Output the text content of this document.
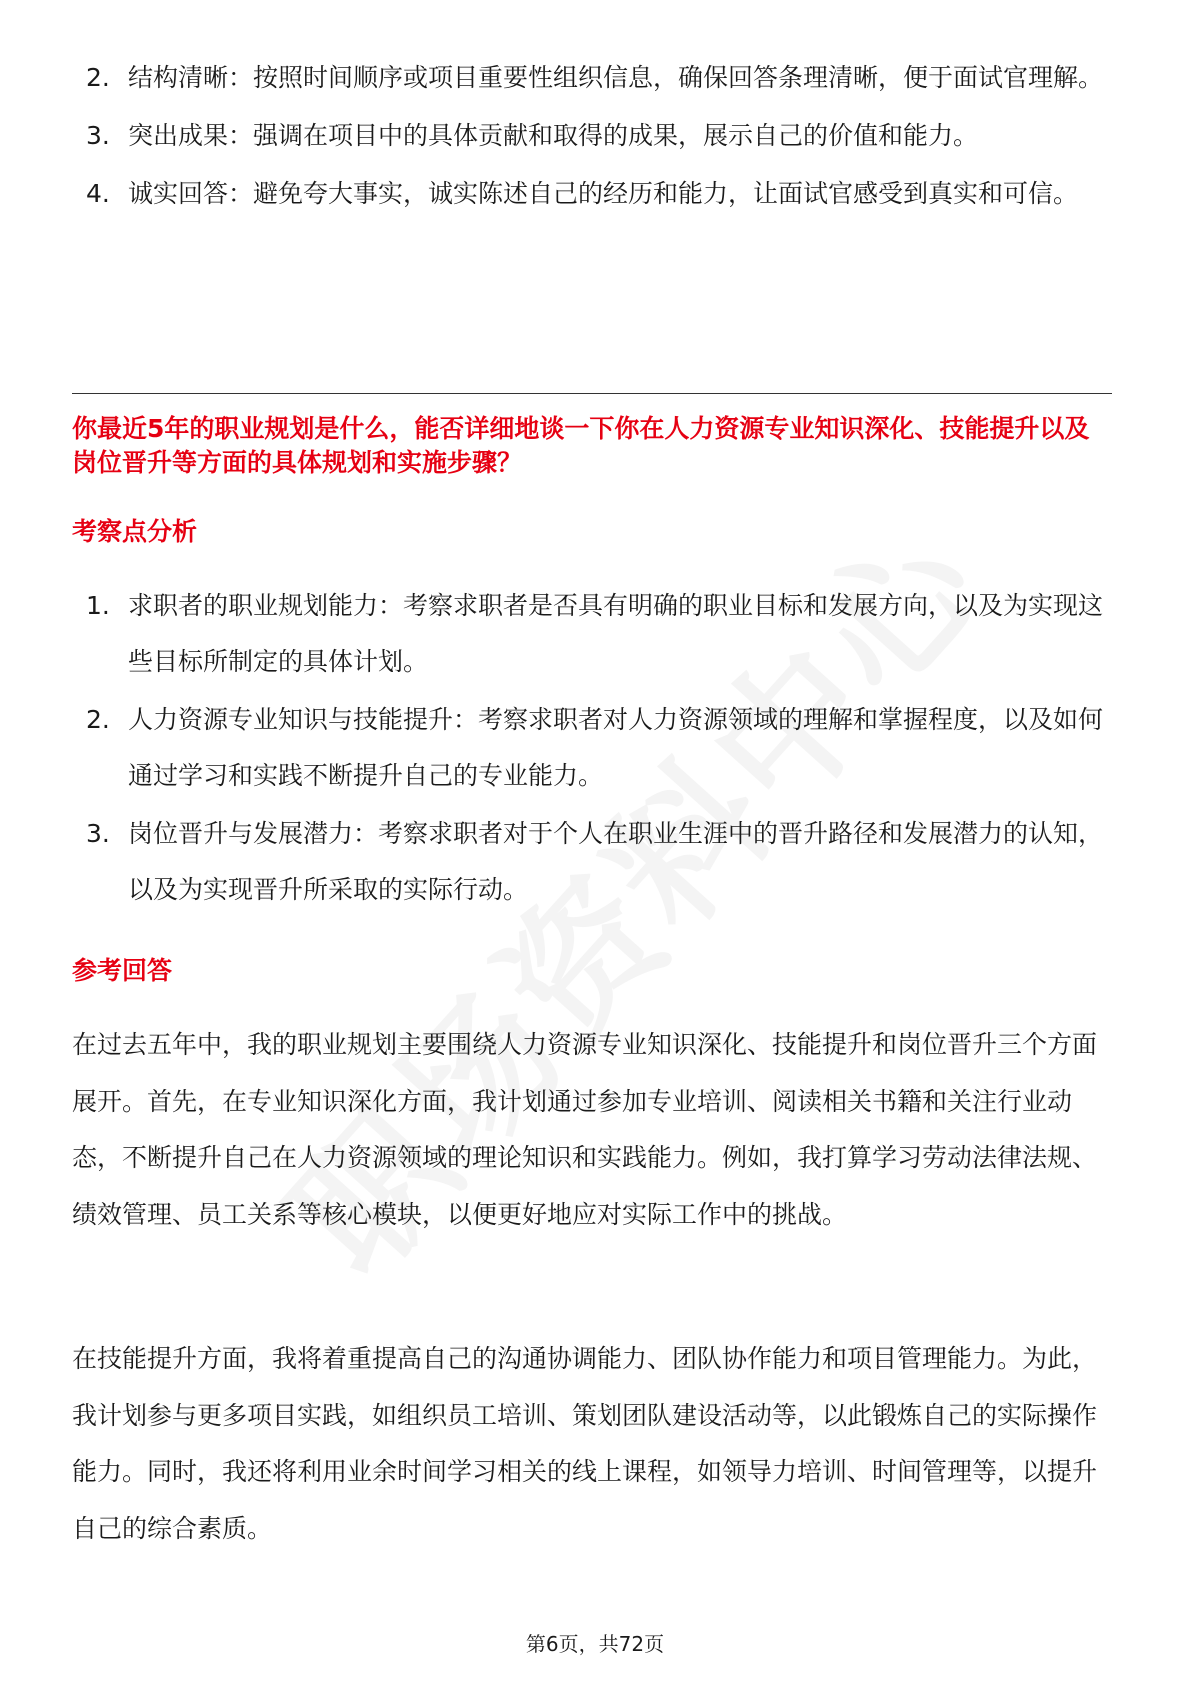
2. 结构清晰：按照时间顺序或项目重要性组织信息，确保回答条理清晰，便于面试官理解。
3. 突出成果：强调在项目中的具体贡献和取得的成果，展示自己的价值和能力。
4. 诚实回答：避免夸大事实，诚实陈述自己的经历和能力，让面试官感受到真实和可信。
你最近5年的职业规划是什么，能否详细地谈一下你在人力资源专业知识深化、技能提升以及岗位晋升等方面的具体规划和实施步骤？
考察点分析
1. 求职者的职业规划能力：考察求职者是否具有明确的职业目标和发展方向，以及为实现这些目标所制定的具体计划。
2. 人力资源专业知识与技能提升：考察求职者对人力资源领域的理解和掌握程度，以及如何通过学习和实践不断提升自己的专业能力。
3. 岗位晋升与发展潜力：考察求职者对于个人在职业生涯中的晋升路径和发展潜力的认知，以及为实现晋升所采取的实际行动。
参考回答

在过去五年中，我的职业规划主要围绕人力资源专业知识深化、技能提升和岗位晋升三个方面展开。首先，在专业知识深化方面，我计划通过参加专业培训、阅读相关书籍和关注行业动态，不断提升自己在人力资源领域的理论知识和实践能力。例如，我打算学习劳动法律法规、绩效管理、员工关系等核心模块，以便更好地应对实际工作中的挑战。

在技能提升方面，我将着重提高自己的沟通协调能力、团队协作能力和项目管理能力。为此，我计划参与更多项目实践，如组织员工培训、策划团队建设活动等，以此锻炼自己的实际操作能力。同时，我还将利用业余时间学习相关的线上课程，如领导力培训、时间管理等，以提升自己的综合素质。

第6页，共72页
